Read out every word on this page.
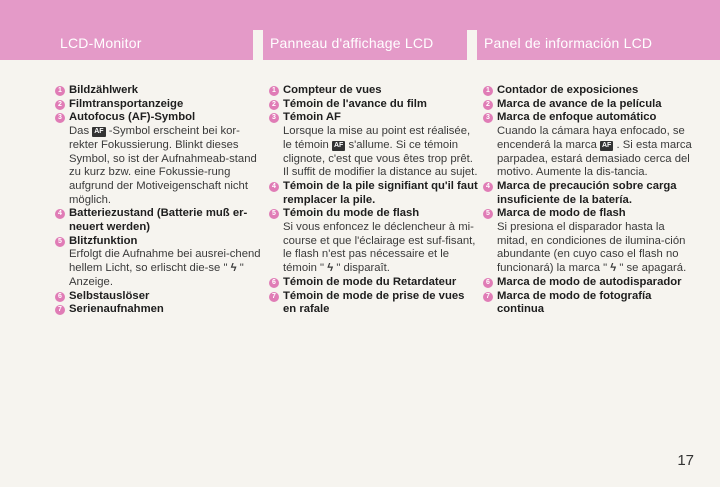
LCD-Monitor	Panneau d'affichage LCD	Panel de información LCD
1 Bildzählwerk
2 Filmtransportanzeige
3 Autofocus (AF)-Symbol
Das AF -Symbol erscheint bei kor-rekter Fokussierung. Blinkt dieses Symbol, so ist der Aufnahmeab-stand zu kurz bzw. eine Fokussie-rung aufgrund der Motiveigenschaft nicht möglich.
4 Batteriezustand (Batterie muß er-neuert werden)
5 Blitzfunktion
Erfolgt die Aufnahme bei ausrei-chend hellem Licht, so erlischt die-se " ϟ " Anzeige.
6 Selbstauslöser
7 Serienaufnahmen
1 Compteur de vues
2 Témoin de l'avance du film
3 Témoin AF
Lorsque la mise au point est réalisée, le témoin AF s'allume. Si ce témoin clignote, c'est que vous êtes trop prêt. Il suffit de modifier la distance au sujet.
4 Témoin de la pile signifiant qu'il faut remplacer la pile.
5 Témoin du mode de flash
Si vous enfoncez le déclencheur à mi-course et que l'éclairage est suf-fisant, le flash n'est pas nécessaire et le témoin " ϟ " disparaît.
6 Témoin de mode du Retardateur
7 Témoin de mode de prise de vues en rafale
1 Contador de exposiciones
2 Marca de avance de la película
3 Marca de enfoque automático
Cuando la cámara haya enfocado, se encenderá la marca AF . Si esta marca parpadea, estará demasiado cerca del motivo. Aumente la dis-tancia.
4 Marca de precaución sobre carga insuficiente de la batería.
5 Marca de modo de flash
Si presiona el disparador hasta la mitad, en condiciones de ilumina-ción abundante (en cuyo caso el flash no funcionará) la marca " ϟ " se apagará.
6 Marca de modo de autodisparador
7 Marca de modo de fotografía continua
17
